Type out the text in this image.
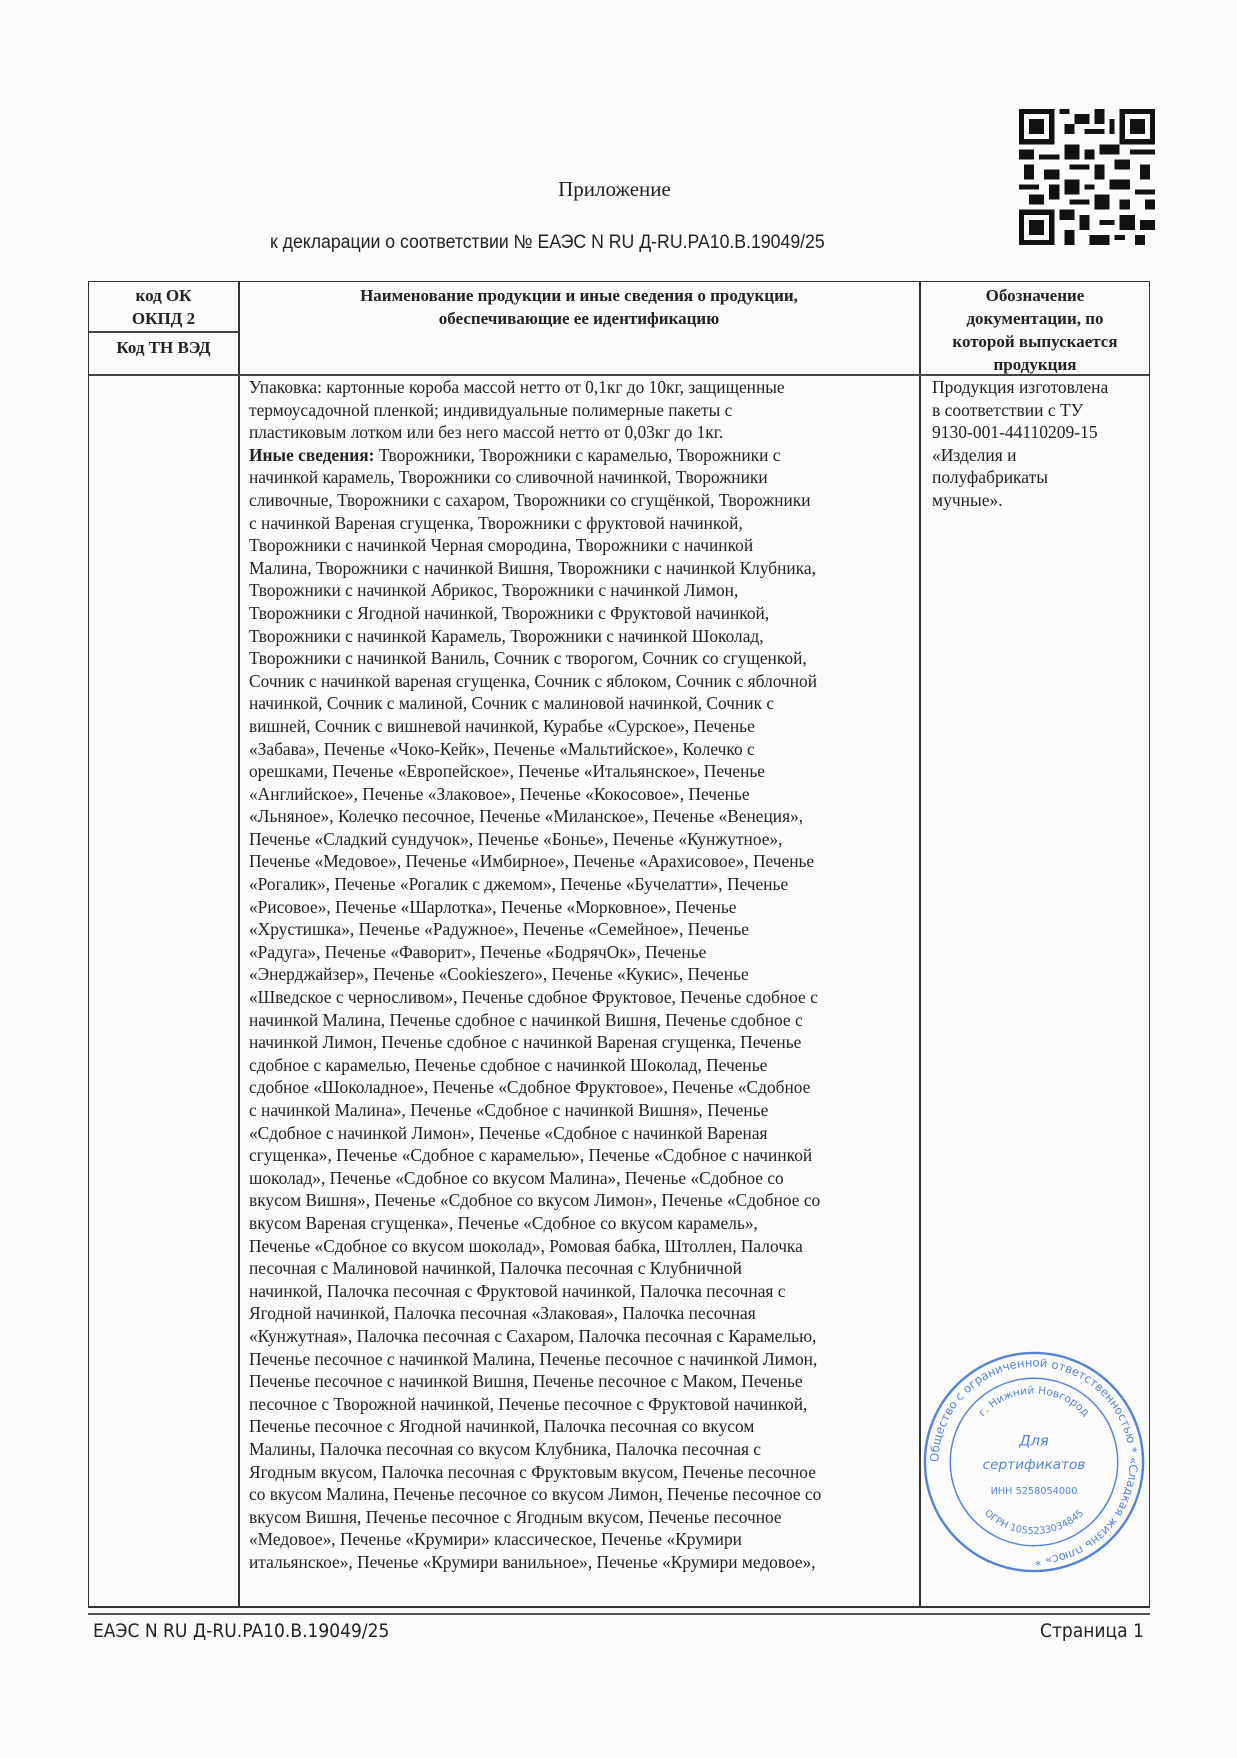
Приложение
к декларации о соответствии № ЕАЭС N RU Д-RU.PA10.B.19049/25
код ОК
ОКПД 2
Код ТН ВЭД
Наименование продукции и иные сведения о продукции,
обеспечивающие ее идентификацию
Обозначение
документации, по
которой выпускается
продукция
Упаковка: картонные короба массой нетто от 0,1кг до 10кг, защищенные
термоусадочной пленкой; индивидуальные полимерные пакеты с
пластиковым лотком или без него массой нетто от 0,03кг до 1кг.
Иные сведения: Творожники, Творожники с карамелью, Творожники с
начинкой карамель, Творожники со сливочной начинкой, Творожники
сливочные, Творожники с сахаром, Творожники со сгущёнкой, Творожники
с начинкой Вареная сгущенка, Творожники с фруктовой начинкой,
Творожники с начинкой Черная смородина, Творожники с начинкой
Малина, Творожники с начинкой Вишня, Творожники с начинкой Клубника,
Творожники с начинкой Абрикос, Творожники с начинкой Лимон,
Творожники с Ягодной начинкой, Творожники с Фруктовой начинкой,
Творожники с начинкой Карамель, Творожники с начинкой Шоколад,
Творожники с начинкой Ваниль, Сочник с творогом, Сочник со сгущенкой,
Сочник с начинкой вареная сгущенка, Сочник с яблоком, Сочник с яблочной
начинкой, Сочник с малиной, Сочник с малиновой начинкой, Сочник с
вишней, Сочник с вишневой начинкой, Курабье «Сурское», Печенье
«Забава», Печенье «Чоко-Кейк», Печенье «Мальтийское», Колечко с
орешками, Печенье «Европейское», Печенье «Итальянское», Печенье
«Английское», Печенье «Злаковое», Печенье «Кокосовое», Печенье
«Льняное», Колечко песочное, Печенье «Миланское», Печенье «Венеция»,
Печенье «Сладкий сундучок», Печенье «Бонье», Печенье «Кунжутное»,
Печенье «Медовое», Печенье «Имбирное», Печенье «Арахисовое», Печенье
«Рогалик», Печенье «Рогалик с джемом», Печенье «Бучелатти», Печенье
«Рисовое», Печенье «Шарлотка», Печенье «Морковное», Печенье
«Хрустишка», Печенье «Радужное», Печенье «Семейное», Печенье
«Радуга», Печенье «Фаворит», Печенье «БодрячОк», Печенье
«Энерджайзер», Печенье «Cookieszero», Печенье «Кукис», Печенье
«Шведское с черносливом», Печенье сдобное Фруктовое, Печенье сдобное с
начинкой Малина, Печенье сдобное с начинкой Вишня, Печенье сдобное с
начинкой Лимон, Печенье сдобное с начинкой Вареная сгущенка, Печенье
сдобное с карамелью, Печенье сдобное с начинкой Шоколад, Печенье
сдобное «Шоколадное», Печенье «Сдобное Фруктовое», Печенье «Сдобное
с начинкой Малина», Печенье «Сдобное с начинкой Вишня», Печенье
«Сдобное с начинкой Лимон», Печенье «Сдобное с начинкой Вареная
сгущенка», Печенье «Сдобное с карамелью», Печенье «Сдобное с начинкой
шоколад», Печенье «Сдобное со вкусом Малина», Печенье «Сдобное со
вкусом Вишня», Печенье «Сдобное со вкусом Лимон», Печенье «Сдобное со
вкусом Вареная сгущенка», Печенье «Сдобное со вкусом карамель»,
Печенье «Сдобное со вкусом шоколад», Ромовая бабка, Штоллен, Палочка
песочная с Малиновой начинкой, Палочка песочная с Клубничной
начинкой, Палочка песочная с Фруктовой начинкой, Палочка песочная с
Ягодной начинкой, Палочка песочная «Злаковая», Палочка песочная
«Кунжутная», Палочка песочная с Сахаром, Палочка песочная с Карамелью,
Печенье песочное с начинкой Малина, Печенье песочное с начинкой Лимон,
Печенье песочное с начинкой Вишня, Печенье песочное с Маком, Печенье
песочное с Творожной начинкой, Печенье песочное с Фруктовой начинкой,
Печенье песочное с Ягодной начинкой, Палочка песочная со вкусом
Малины, Палочка песочная со вкусом Клубника, Палочка песочная с
Ягодным вкусом, Палочка песочная с Фруктовым вкусом, Печенье песочное
со вкусом Малина, Печенье песочное со вкусом Лимон, Печенье песочное со
вкусом Вишня, Печенье песочное с Ягодным вкусом, Печенье песочное
«Медовое», Печенье «Крумири» классическое, Печенье «Крумири
итальянское», Печенье «Крумири ванильное», Печенье «Крумири медовое»,
Продукция изготовлена
в соответствии с ТУ
9130-001-44110209-15
«Изделия и
полуфабрикаты
мучные».
ЕАЭС N RU Д-RU.PA10.B.19049/25	Страница 1
Общество с ограниченной ответственностью * «Сладкая жизнь плюс» *
г. Нижний Новгород
ОГРН 1055233034845
Для
сертификатов
ИНН 5258054000
